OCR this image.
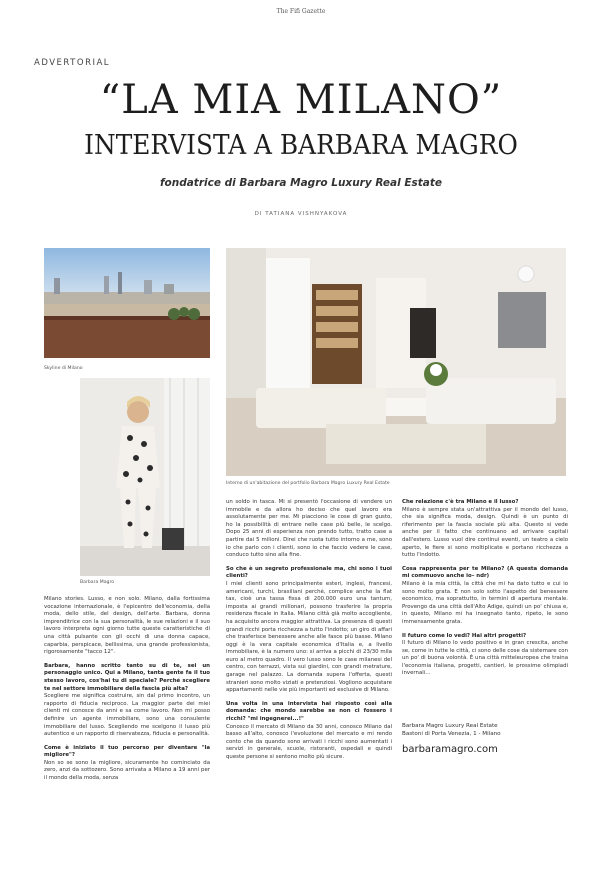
The Fifi Gazette
ADVERTORIAL
“LA MIA MILANO”
INTERVISTA A BARBARA MAGRO
fondatrice di Barbara Magro Luxury Real Estate
DI TATIANA VISHNYAKOVA
Skyline di Milano
Barbara Magro
Interno di un'abitazione del portfolio Barbara Magro Luxury Real Estate

Milano stories. Lusso, e non solo. Milano, dalla fortissima vocazione internazionale, è l'epicentro dell'economia, della moda, dello stile, del design, dell'arte. Barbara, donna imprenditrice con la sua personalità, le sue relazioni e il suo lavoro interpreta ogni giorno tutte queste caratteristiche di una città pulsante con gli occhi di una donna capace, caparbia, perspicace, bellissima, una grande professionista, rigorosamente "tacco 12".

Barbara, hanno scritto tanto su di te, sei un personaggio unico. Qui a Milano, tanta gente fa il tuo stesso lavoro, cos'hai tu di speciale? Perché scegliere te nel settore immobiliare della fascia più alta?

Scegliere me significa costruire, sin dal primo incontro, un rapporto di fiducia reciproco. La maggior parte dei miei clienti mi conosce da anni e sa come lavoro. Non mi posso definire un agente immobiliare, sono una consulente immobiliare del lusso. Scegliendo me scelgono il lusso più autentico e un rapporto di riservatezza, fiducia e personalità.

Come è iniziato il tuo percorso per diventare "la migliore"?

Non so se sono la migliore, sicuramente ho cominciato da zero, anzi da sottozero. Sono arrivata a Milano a 19 anni per il mondo della moda, senza

un soldo in tasca. Mi si presentò l'occasione di vendere un immobile e da allora ho deciso che quel lavoro era assolutamente per me. Mi piacciono le cose di gran gusto, ho la possibilità di entrare nelle case più belle, le scelgo. Dopo 25 anni di esperienza non prendo tutto, tratto case a partire dai 5 milioni. Direi che ruota tutto intorno a me, sono io che parlo con i clienti, sono io che faccio vedere le case, conduco tutto sino alla fine.

So che è un segreto professionale ma, chi sono i tuoi clienti?

I miei clienti sono principalmente esteri, inglesi, francesi, americani, turchi, brasiliani perché, complice anche la flat tax, cioè una tassa fissa di 200.000 euro una tantum, imposta ai grandi milionari, possono trasferire la propria residenza fiscale in Italia. Milano città già molto accogliente, ha acquisito ancora maggior attrattiva. La presenza di questi grandi ricchi porta ricchezza a tutto l'indotto; un giro di affari che trasferisce benessere anche alle fasce più basse. Milano oggi è la vera capitale economica d'Italia e, a livello immobiliare, è la numero uno: si arriva a picchi di 23/30 mila euro al metro quadro. Il vero lusso sono le case milanesi del centro, con terrazzi, vista sui giardini, con grandi metrature, garage nel palazzo. La domanda supera l'offerta, questi stranieri sono molto viziati e pretenziosi. Vogliono acquistare appartamenti nelle vie più importanti ed esclusive di Milano.

Una volta in una intervista hai risposto così alla domanda: che mondo sarebbe se non ci fossero i ricchi? "mi ingegnerei...!"

Conosco il mercato di Milano da 30 anni, conosco Milano dal basso all'alto, conosco l'evoluzione del mercato e mi rendo conto che da quando sono arrivati i ricchi sono aumentati i servizi in generale, scuole, ristoranti, ospedali e quindi queste persone si sentono molto più sicure.

Che relazione c'è tra Milano e il lusso?

Milano è sempre stata un'attrattiva per il mondo del lusso, che sia significa moda, design. Quindi è un punto di riferimento per la fascia sociale più alta. Questo si vede anche per il fatto che continuano ad arrivare capitali dall'estero. Lusso vuol dire continui eventi, un teatro a cielo aperto, le fiere si sono moltiplicate e portano ricchezza a tutto l'indotto.

Cosa rappresenta per te Milano? (A questa domanda mi commuovo anche io– ndr)

Milano è la mia città, la città che mi ha dato tutto e cui io sono molto grata. E non solo sotto l'aspetto del benessere economico, ma soprattutto, in termini di apertura mentale. Provengo da una città dell'Alto Adige, quindi un po' chiusa e, in questo, Milano mi ha insegnato tanto, ripeto, le sono immensamente grata.

Il futuro come lo vedi? Hai altri progetti?

Il futuro di Milano lo vedo positivo e in gran crescita, anche se, come in tutte le città, ci sono delle cose da sistemare con un po' di buona volontà. È una città mitteleuropea che traina l'economia italiana, progetti, cantieri, le prossime olimpiadi invernali...

Barbara Magro Luxury Real Estate
Bastoni di Porta Venezia, 1 - Milano
barbaramagro.com
